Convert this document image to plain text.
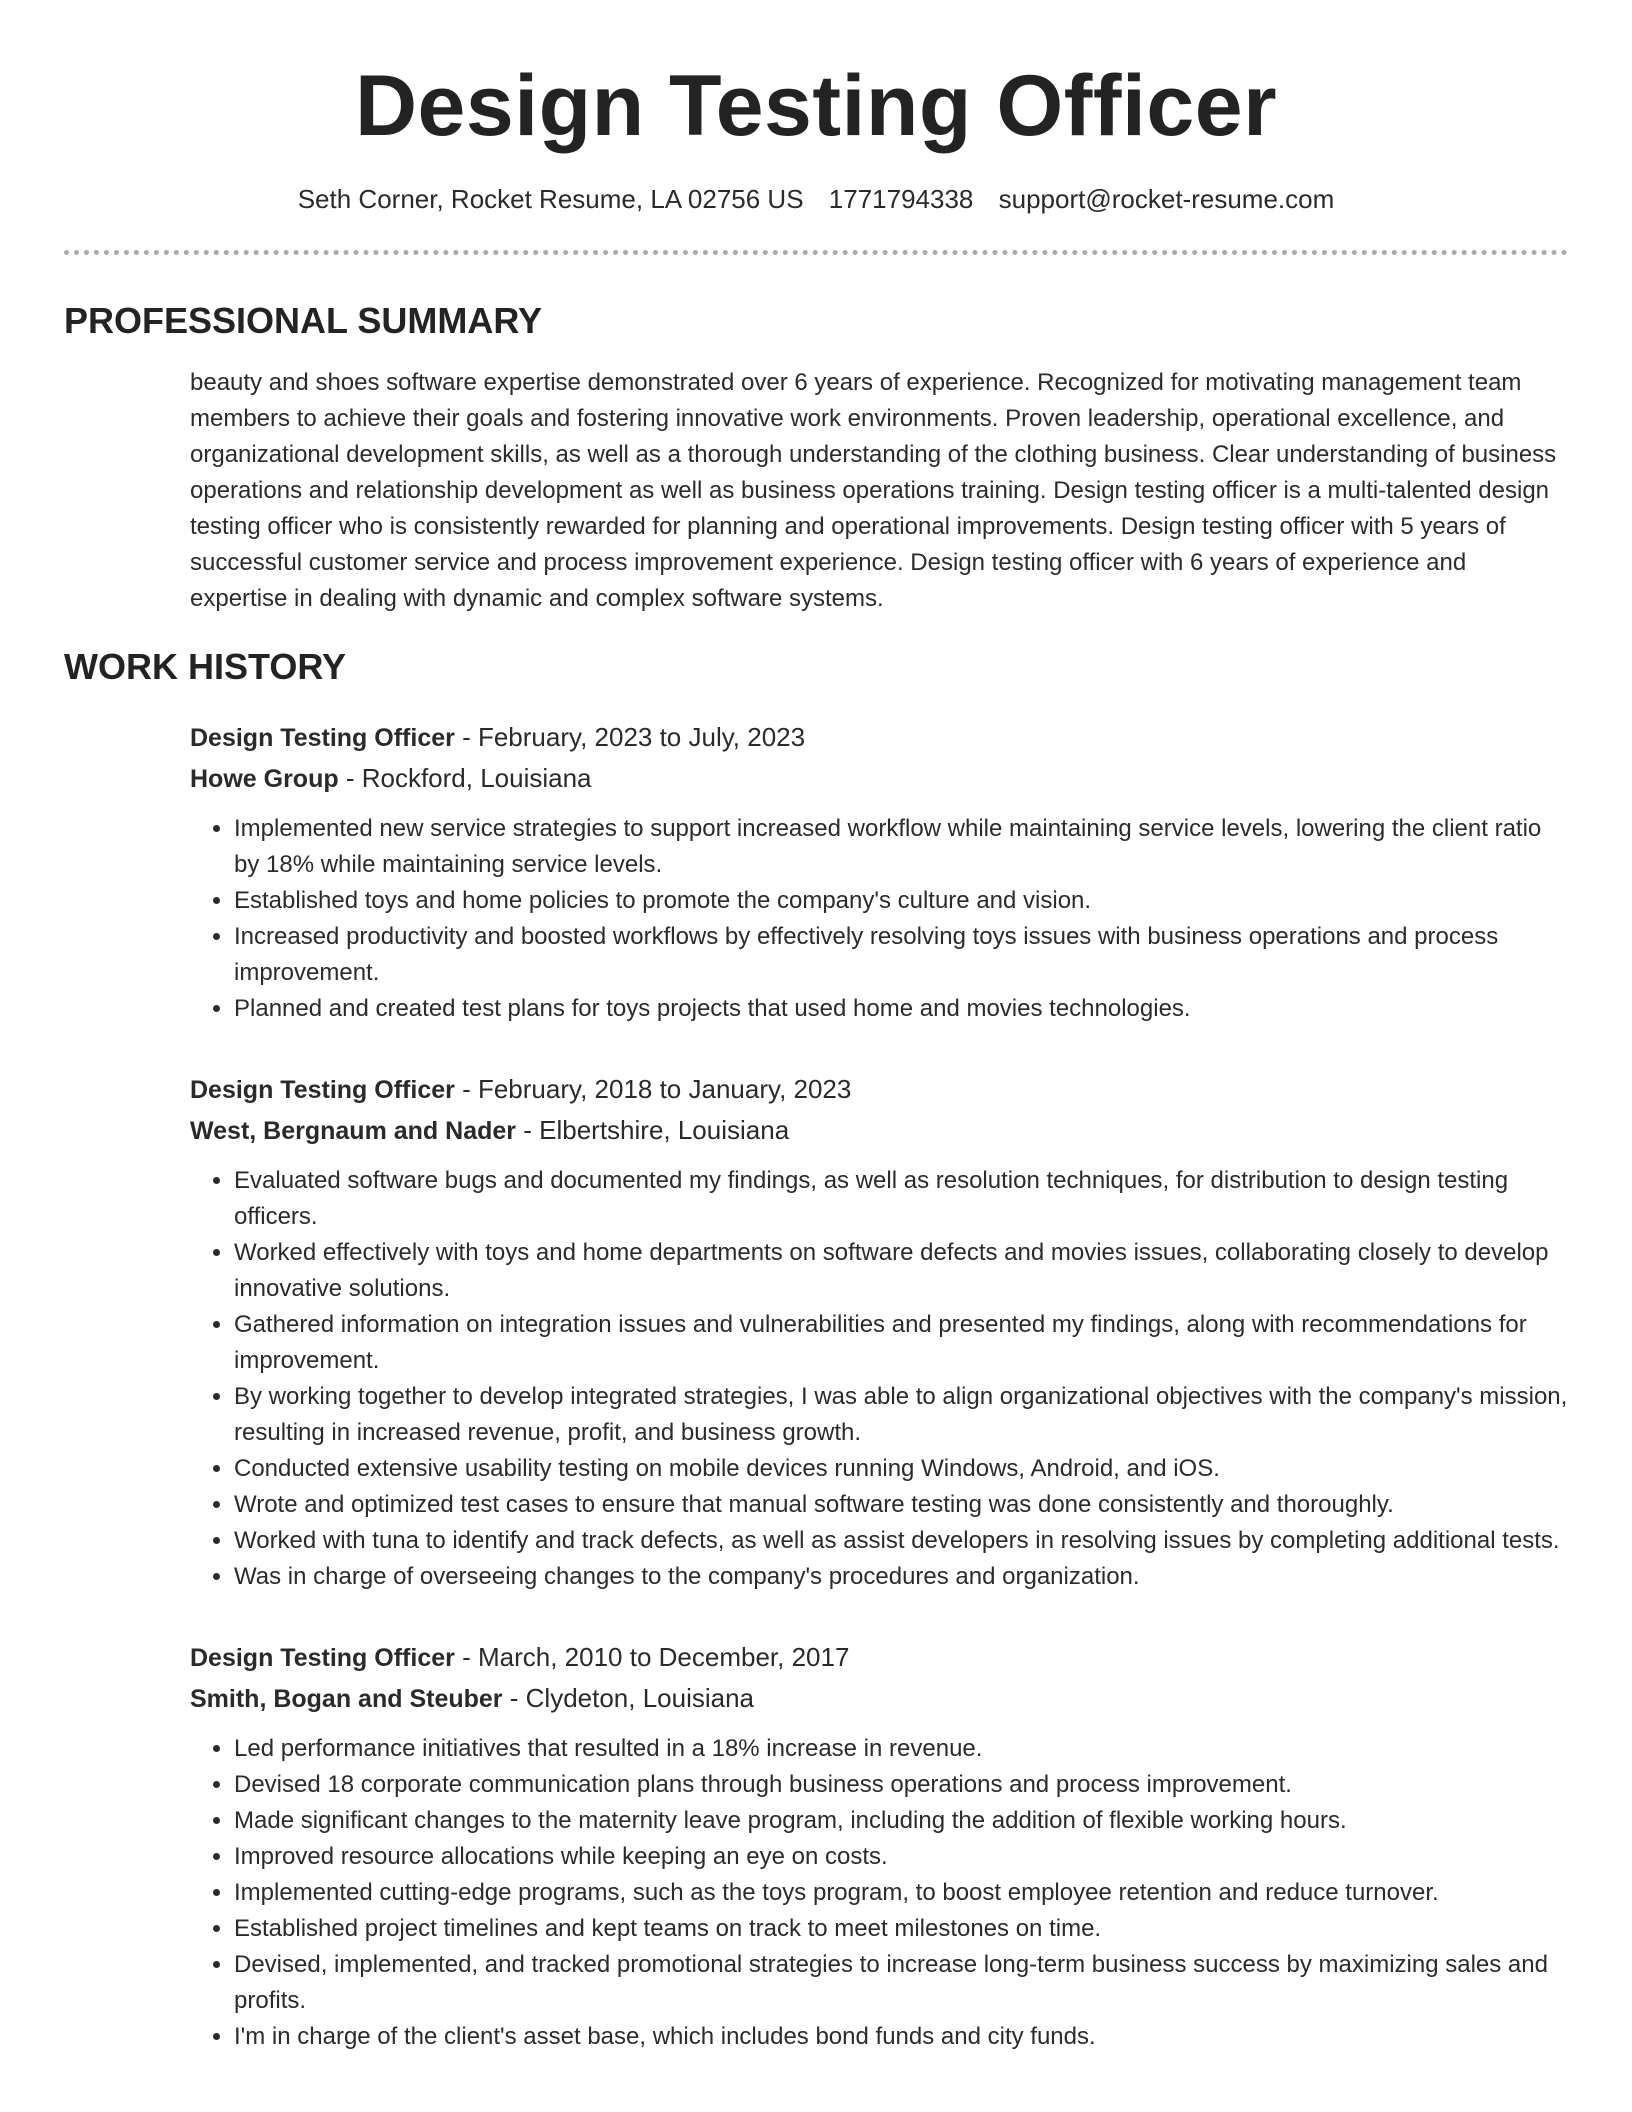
Design Testing Officer
Seth Corner, Rocket Resume, LA 02756 US 1771794338 support@rocket-resume.com
PROFESSIONAL SUMMARY

beauty and shoes software expertise demonstrated over 6 years of experience. Recognized for motivating management team members to achieve their goals and fostering innovative work environments. Proven leadership, operational excellence, and organizational development skills, as well as a thorough understanding of the clothing business. Clear understanding of business operations and relationship development as well as business operations training. Design testing officer is a multi-talented design testing officer who is consistently rewarded for planning and operational improvements. Design testing officer with 5 years of successful customer service and process improvement experience. Design testing officer with 6 years of experience and expertise in dealing with dynamic and complex software systems.

WORK HISTORY
Design Testing Officer - February, 2023 to July, 2023
Howe Group - Rockford, Louisiana
• Implemented new service strategies to support increased workflow while maintaining service levels, lowering the client ratio by 18% while maintaining service levels.
• Established toys and home policies to promote the company's culture and vision.
• Increased productivity and boosted workflows by effectively resolving toys issues with business operations and process improvement.
• Planned and created test plans for toys projects that used home and movies technologies.
Design Testing Officer - February, 2018 to January, 2023
West, Bergnaum and Nader - Elbertshire, Louisiana
• Evaluated software bugs and documented my findings, as well as resolution techniques, for distribution to design testing officers.
• Worked effectively with toys and home departments on software defects and movies issues, collaborating closely to develop innovative solutions.
• Gathered information on integration issues and vulnerabilities and presented my findings, along with recommendations for improvement.
• By working together to develop integrated strategies, I was able to align organizational objectives with the company's mission, resulting in increased revenue, profit, and business growth.
• Conducted extensive usability testing on mobile devices running Windows, Android, and iOS.
• Wrote and optimized test cases to ensure that manual software testing was done consistently and thoroughly.
• Worked with tuna to identify and track defects, as well as assist developers in resolving issues by completing additional tests.
• Was in charge of overseeing changes to the company's procedures and organization.
Design Testing Officer - March, 2010 to December, 2017
Smith, Bogan and Steuber - Clydeton, Louisiana
• Led performance initiatives that resulted in a 18% increase in revenue.
• Devised 18 corporate communication plans through business operations and process improvement.
• Made significant changes to the maternity leave program, including the addition of flexible working hours.
• Improved resource allocations while keeping an eye on costs.
• Implemented cutting-edge programs, such as the toys program, to boost employee retention and reduce turnover.
• Established project timelines and kept teams on track to meet milestones on time.
• Devised, implemented, and tracked promotional strategies to increase long-term business success by maximizing sales and profits.
• I'm in charge of the client's asset base, which includes bond funds and city funds.
